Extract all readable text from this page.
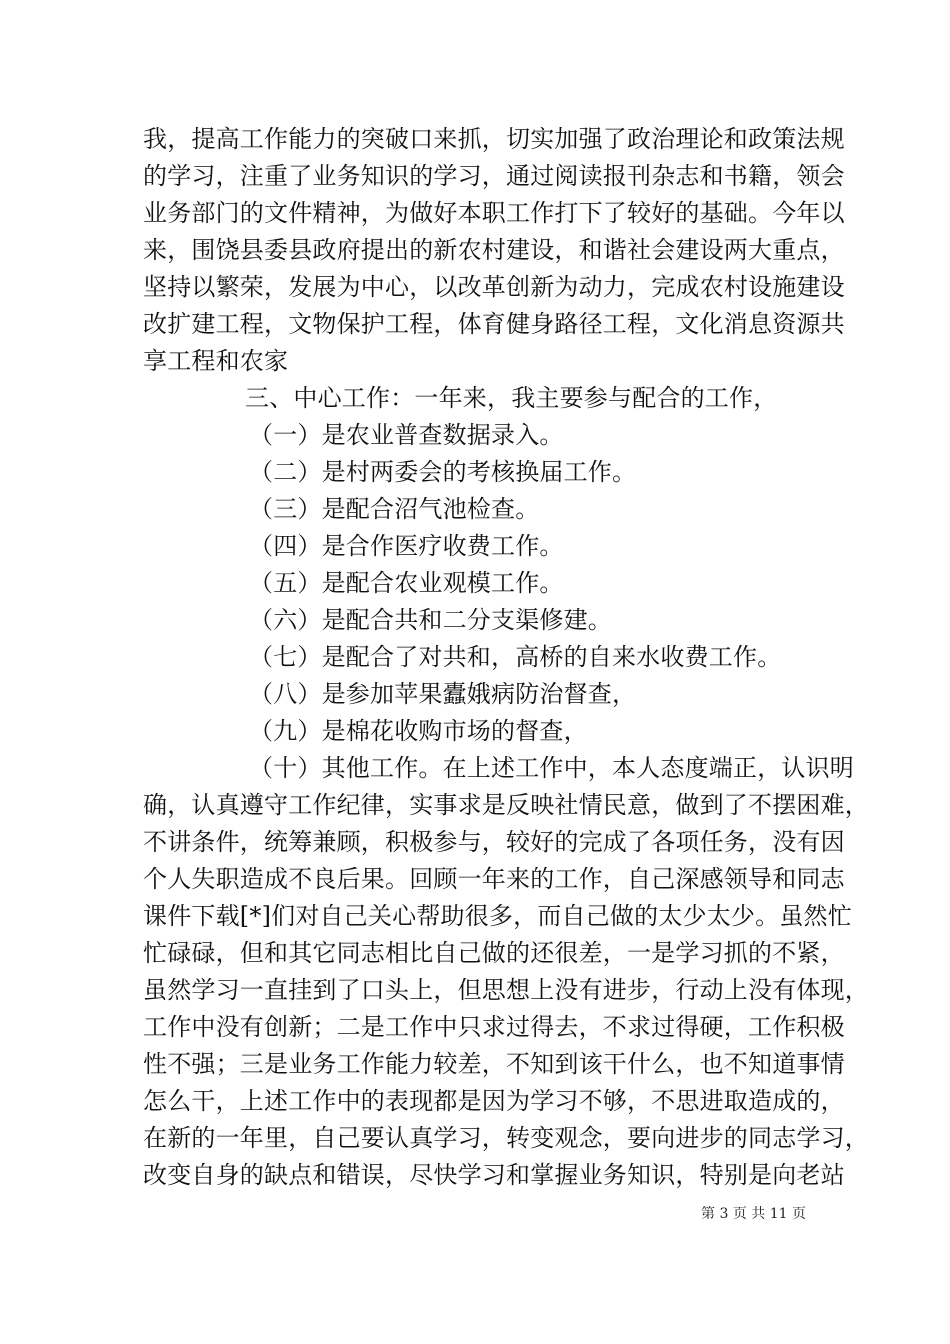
我，提高工作能力的突破口来抓，切实加强了政治理论和政策法规
的学习，注重了业务知识的学习，通过阅读报刊杂志和书籍，领会
业务部门的文件精神，为做好本职工作打下了较好的基础。今年以
来，围饶县委县政府提出的新农村建设，和谐社会建设两大重点，
坚持以繁荣，发展为中心，以改革创新为动力，完成农村设施建设
改扩建工程，文物保护工程，体育健身路径工程，文化消息资源共
享工程和农家
三、中心工作：一年来，我主要参与配合的工作，
（一）是农业普查数据录入。
（二）是村两委会的考核换届工作。
（三）是配合沼气池检查。
（四）是合作医疗收费工作。
（五）是配合农业观模工作。
（六）是配合共和二分支渠修建。
（七）是配合了对共和，高桥的自来水收费工作。
（八）是参加苹果蠹娥病防治督查，
（九）是棉花收购市场的督查，
（十）其他工作。在上述工作中，本人态度端正，认识明
确，认真遵守工作纪律，实事求是反映社情民意，做到了不摆困难，
不讲条件，统筹兼顾，积极参与，较好的完成了各项任务，没有因
个人失职造成不良后果。回顾一年来的工作，自己深感领导和同志
课件下载[*]们对自己关心帮助很多，而自己做的太少太少。虽然忙
忙碌碌，但和其它同志相比自己做的还很差，一是学习抓的不紧，
虽然学习一直挂到了口头上，但思想上没有进步，行动上没有体现，
工作中没有创新；二是工作中只求过得去，不求过得硬，工作积极
性不强；三是业务工作能力较差，不知到该干什么，也不知道事情
怎么干，上述工作中的表现都是因为学习不够，不思进取造成的，
在新的一年里，自己要认真学习，转变观念，要向进步的同志学习，
改变自身的缺点和错误，尽快学习和掌握业务知识，特别是向老站
第 3 页 共 11 页
